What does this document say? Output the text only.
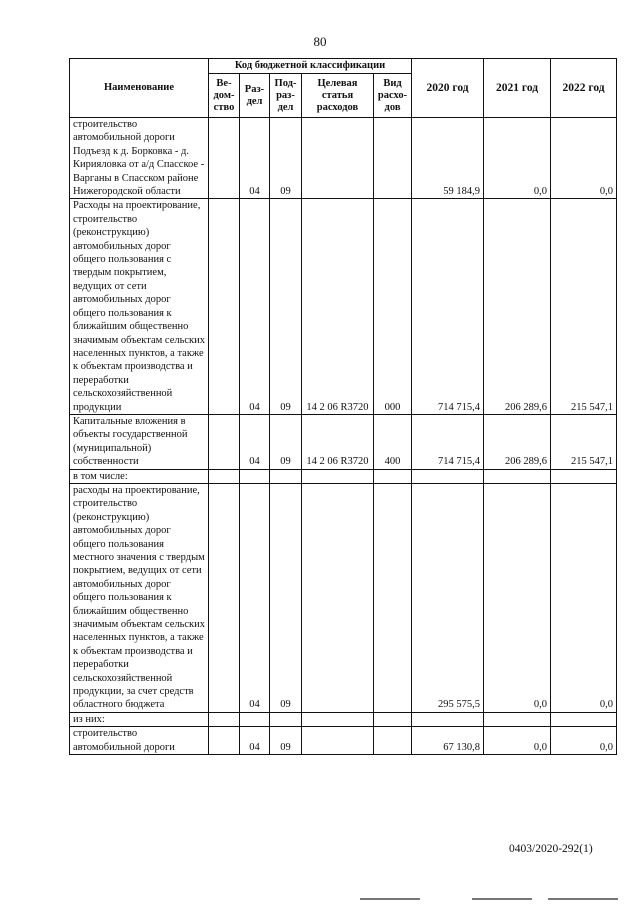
80
Наименование	Код бюджетной классификации					2020 год	2021 год	2022 год
	Ве-дом-ство	Раз-дел	Под-раз-дел	Целевая статья расходов	Вид расхо-дов			
строительство автомобильной дороги Подъезд к д. Борковка - д. Кирияловка от а/д Спасское - Варганы в Спасском районе Нижегородской области		04	09			59 184,9	0,0	0,0
Расходы на проектирование, строительство (реконструкцию) автомобильных дорог общего пользования с твердым покрытием, ведущих от сети автомобильных дорог общего пользования к ближайшим общественно значимым объектам сельских населенных пунктов, а также к объектам производства и переработки сельскохозяйственной продукции		04	09	14 2 06 R3720	000	714 715,4	206 289,6	215 547,1
Капитальные вложения в объекты государственной (муниципальной) собственности		04	09	14 2 06 R3720	400	714 715,4	206 289,6	215 547,1
в том числе:								
расходы на проектирование, строительство (реконструкцию) автомобильных дорог общего пользования местного значения с твердым покрытием, ведущих от сети автомобильных дорог общего пользования к ближайшим общественно значимым объектам сельских населенных пунктов, а также к объектам производства и переработки сельскохозяйственной продукции, за счет средств областного бюджета		04	09			295 575,5	0,0	0,0
из них:								
строительство автомобильной дороги		04	09			67 130,8	0,0	0,0
0403/2020-292(1)
